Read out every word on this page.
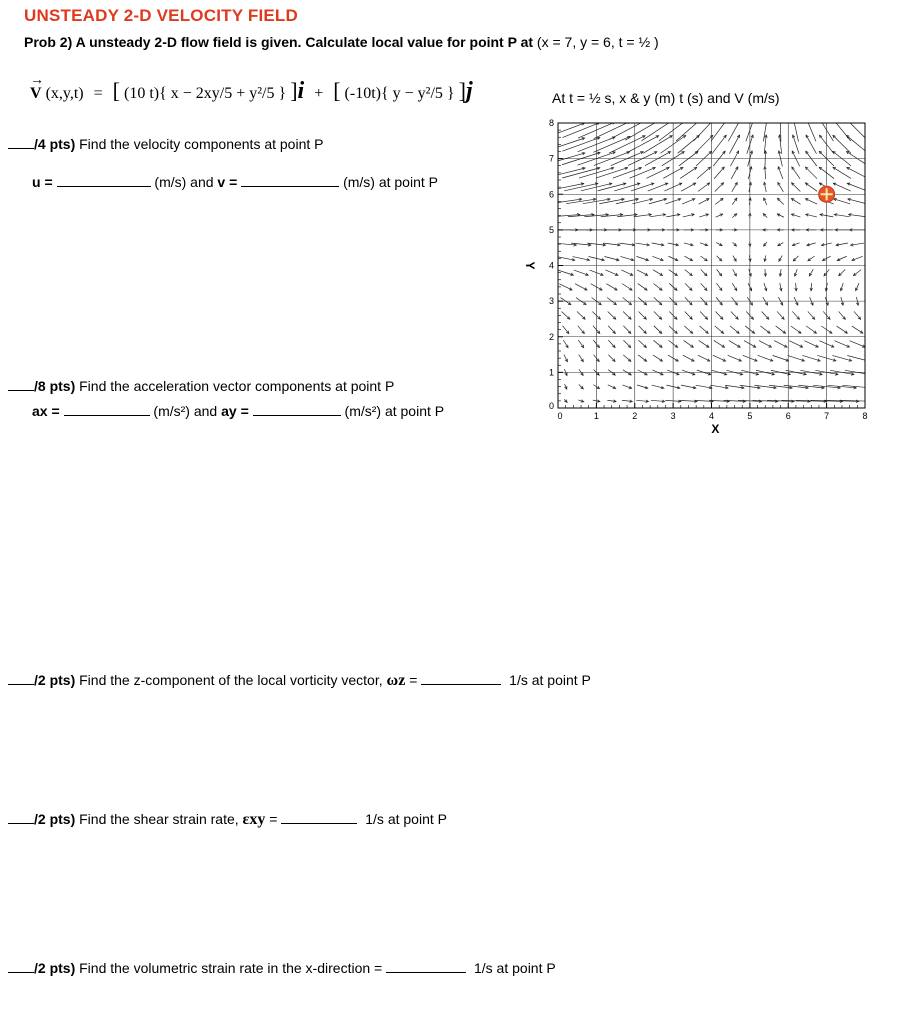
UNSTEADY 2-D VELOCITY FIELD
Prob 2) A unsteady 2-D flow field is given. Calculate local value for point P at (x = 7, y = 6, t = ½ )
→
V (x,y,t) = [ (10 t){ x − 2xy/5 + y²/5 } ]i + [ (-10t){ y − y²/5 } ]j	At t = ½ s, x & y (m) t (s) and V (m/s)
/4 pts) Find the velocity components at point P
u =	(m/s) and v =	(m/s) at point P
/8 pts) Find the acceleration vector components at point P
ax =	(m/s²) and ay =	(m/s²) at point P
/2 pts) Find the z-component of the local vorticity vector, ωz =	1/s at point P
/2 pts) Find the shear strain rate, εxy =	1/s at point P
/2 pts) Find the volumetric strain rate in the x-direction =	1/s at point P
0	1	2	3	4	5	6	7	8
0
1
2
3
4
5
6
7
8
X
Y
